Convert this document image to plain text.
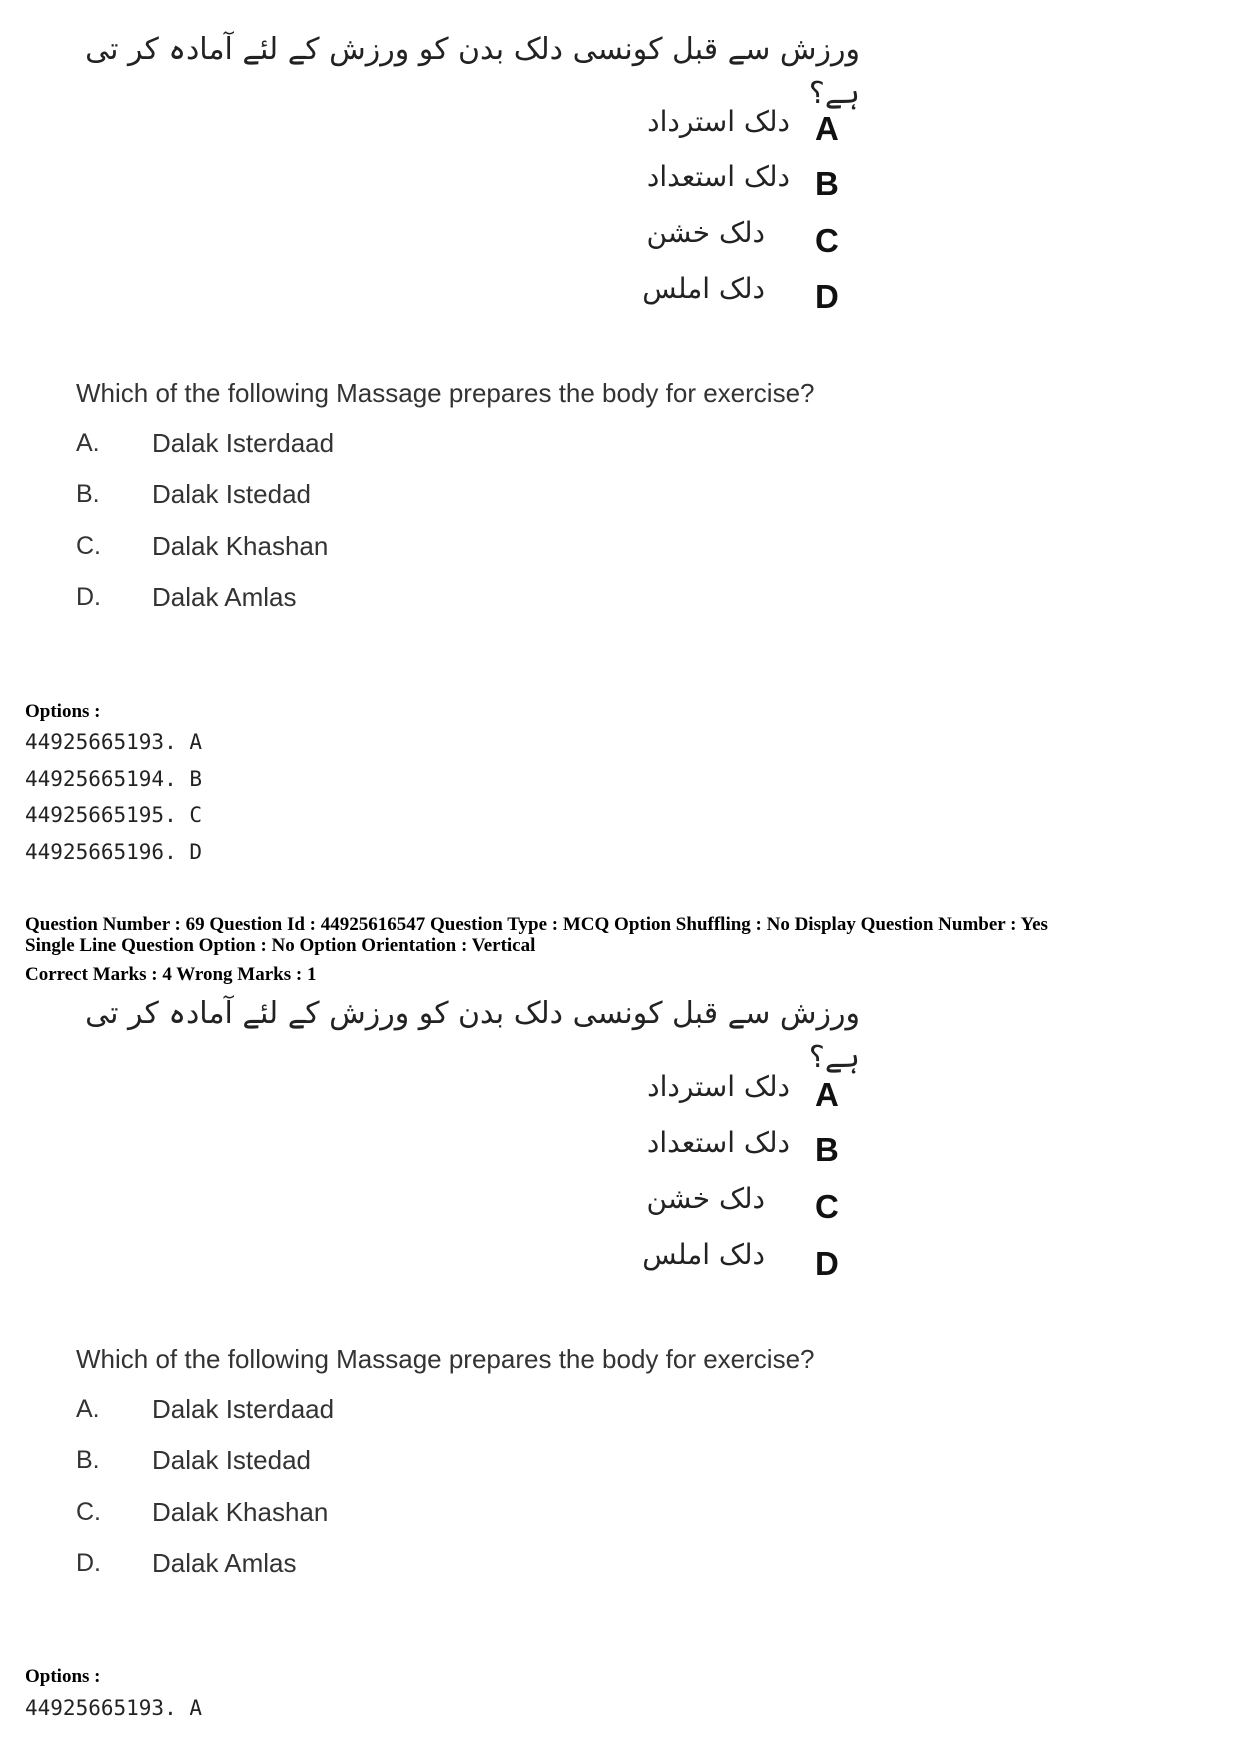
ورزش سے قبل کونسی دلک بدن کو ورزش کے لئے آمادہ کر تی ہے؟
دلک استرداد A
دلک استعداد B
دلک خشن C
دلک املس D
Which of the following Massage prepares the body for exercise?
A. Dalak Isterdaad
B. Dalak Istedad
C. Dalak Khashan
D. Dalak Amlas
Options :
44925665193. A
44925665194. B
44925665195. C
44925665196. D
Question Number : 69 Question Id : 44925616547 Question Type : MCQ Option Shuffling : No Display Question Number : Yes
Single Line Question Option : No Option Orientation : Vertical
Correct Marks : 4 Wrong Marks : 1
ورزش سے قبل کونسی دلک بدن کو ورزش کے لئے آمادہ کر تی ہے؟
دلک استرداد A
دلک استعداد B
دلک خشن C
دلک املس D
Which of the following Massage prepares the body for exercise?
A. Dalak Isterdaad
B. Dalak Istedad
C. Dalak Khashan
D. Dalak Amlas
Options :
44925665193. A
